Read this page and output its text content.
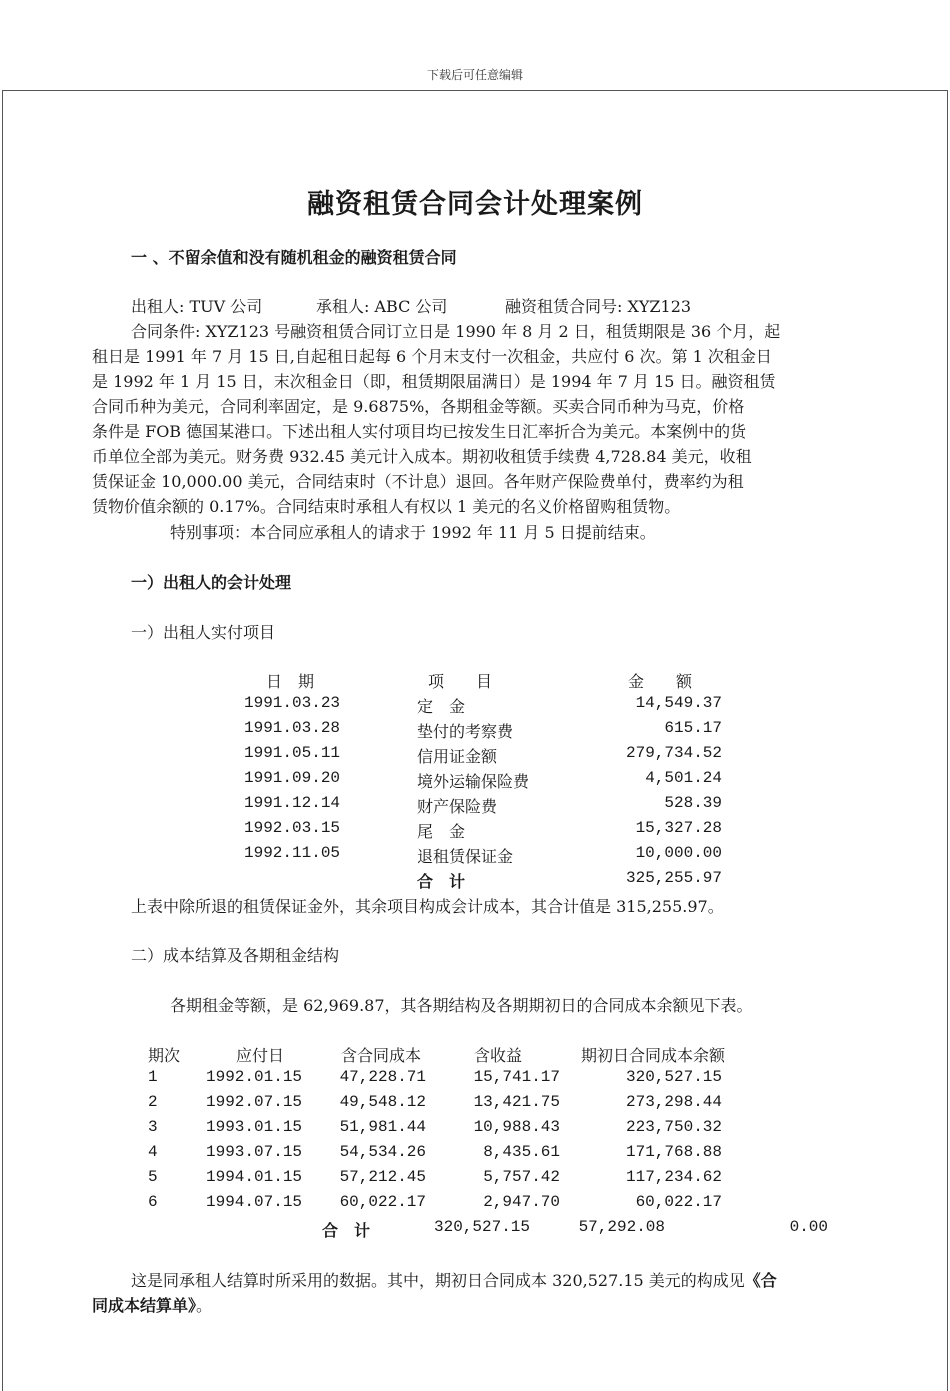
下载后可任意编辑
融资租赁合同会计处理案例
一 、不留余值和没有随机租金的融资租赁合同
出租人: TUV 公司	承租人: ABC 公司	融资租赁合同号: XYZ123
合同条件: XYZ123 号融资租赁合同订立日是 1990 年 8 月 2 日，租赁期限是 36 个月，起
租日是 1991 年 7 月 15 日,自起租日起每 6 个月末支付一次租金，共应付 6 次。第 1 次租金日
是 1992 年 1 月 15 日，末次租金日（即，租赁期限届满日）是 1994 年 7 月 15 日。融资租赁
合同币种为美元，合同利率固定，是 9.6875%，各期租金等额。买卖合同币种为马克，价格
条件是 FOB 德国某港口。下述出租人实付项目均已按发生日汇率折合为美元。本案例中的货
币单位全部为美元。财务费 932.45 美元计入成本。期初收租赁手续费 4,728.84 美元，收租
赁保证金 10,000.00 美元，合同结束时（不计息）退回。各年财产保险费单付，费率约为租
赁物价值余额的 0.17%。合同结束时承租人有权以 1 美元的名义价格留购租赁物。
特别事项：本合同应承租人的请求于 1992 年 11 月 5 日提前结束。
一）出租人的会计处理
一）出租人实付项目
日　期	项　　目	金　　额
1991.03.23	定　金	14,549.37
1991.03.28	垫付的考察费	615.17
1991.05.11	信用证金额	279,734.52
1991.09.20	境外运输保险费	4,501.24
1991.12.14	财产保险费	528.39
1992.03.15	尾　金	15,327.28
1992.11.05	退租赁保证金	10,000.00
合　计	325,255.97
上表中除所退的租赁保证金外，其余项目构成会计成本，其合计值是 315,255.97。
二）成本结算及各期租金结构
各期租金等额，是 62,969.87，其各期结构及各期期初日的合同成本余额见下表。
期次	应付日	含合同成本	含收益	期初日合同成本余额
1	1992.01.15	47,228.71	15,741.17	320,527.15
2	1992.07.15	49,548.12	13,421.75	273,298.44
3	1993.01.15	51,981.44	10,988.43	223,750.32
4	1993.07.15	54,534.26	8,435.61	171,768.88
5	1994.01.15	57,212.45	5,757.42	117,234.62
6	1994.07.15	60,022.17	2,947.70	60,022.17
合　计	320,527.15	57,292.08	0.00
这是同承租人结算时所采用的数据。其中，期初日合同成本 320,527.15 美元的构成见《合
同成本结算单》。
